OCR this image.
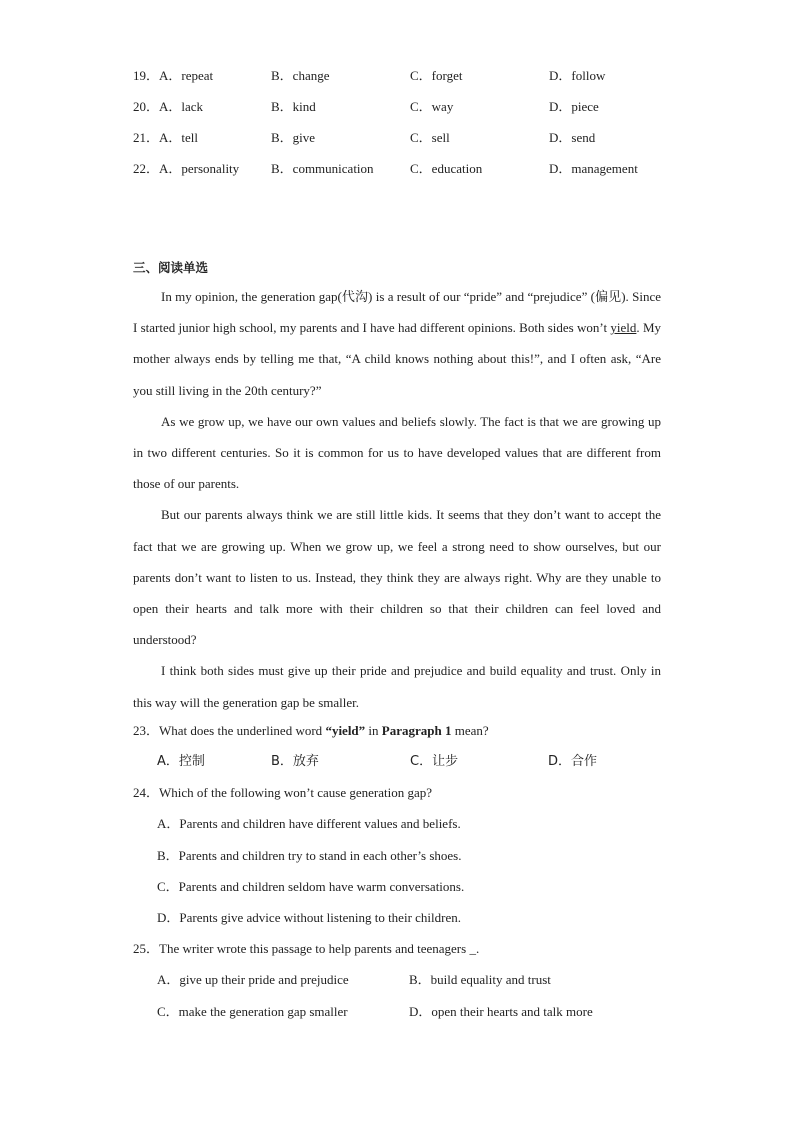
19．A．repeat	B．change	C．forget	D．follow
20．A．lack	B．kind	C．way	D．piece
21．A．tell	B．give	C．sell	D．send
22．A．personality B．communication	C．education	D．management
三、阅读单选

In my opinion, the generation gap(代沟) is a result of our “pride” and “prejudice” (偏见). Since I started junior high school, my parents and I have had different opinions. Both sides won’t yield. My mother always ends by telling me that, “A child knows nothing about this!”, and I often ask, “Are you still living in the 20th century?”

As we grow up, we have our own values and beliefs slowly. The fact is that we are growing up in two different centuries. So it is common for us to have developed values that are different from those of our parents.

But our parents always think we are still little kids. It seems that they don’t want to accept the fact that we are growing up. When we grow up, we feel a strong need to show ourselves, but our parents don’t want to listen to us. Instead, they think they are always right. Why are they unable to open their hearts and talk more with their children so that their children can feel loved and understood?

I think both sides must give up their pride and prejudice and build equality and trust. Only in this way will the generation gap be smaller.

23．What does the underlined word “yield” in Paragraph 1 mean?
A．控制	B．放弃	C．让步	D．合作
24．Which of the following won’t cause generation gap?
A．Parents and children have different values and beliefs.
B．Parents and children try to stand in each other’s shoes.
C．Parents and children seldom have warm conversations.
D．Parents give advice without listening to their children.
25．The writer wrote this passage to help parents and teenagers _.
A．give up their pride and prejudice	B．build equality and trust
C．make the generation gap smaller	D．open their hearts and talk more
